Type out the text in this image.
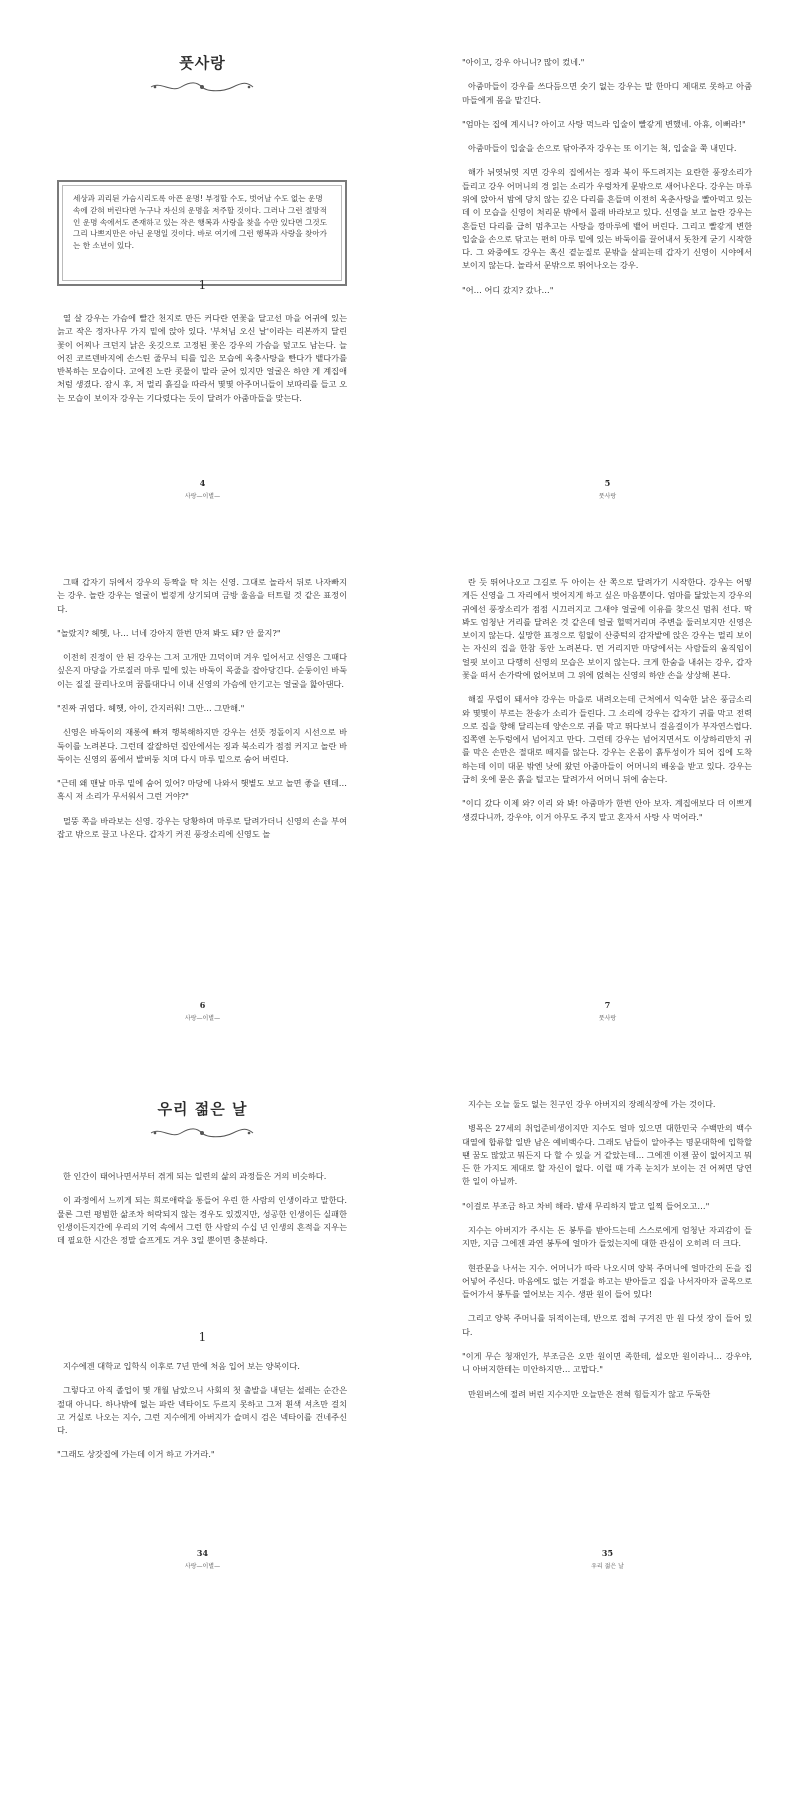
풋사랑
세상과 괴리된 가슴시리도록 아픈 운명! 부정할 수도, 벗어날 수도 없는 운명 속에 갇혀 버린다면 누구나 자신의 운명을 저주할 것이다. 그러나 그런 절망적인 운명 속에서도 존재하고 있는 작은 행복과 사랑을 찾을 수만 있다면 그것도 그리 나쁘지만은 아닌 운명일 것이다. 바로 여기에 그런 행복과 사랑을 찾아가는 한 소년이 있다.
1

열 살 강우는 가슴에 빨간 천지로 만든 커다란 연꽃을 달고선 마을 어귀에 있는 늙고 작은 정자나무 가지 밑에 앉아 있다. '부처님 오신 날'이라는 리본까지 달린 꽃이 어찌나 크던지 낡은 옷깃으로 고정된 꽃은 강우의 가슴을 덮고도 남는다. 늘어진 코르덴바지에 손스틴 줄무늬 티를 입은 모습에 옥충사탕을 빤다가 뱉다가를 반복하는 모습이다. 고에진 노란 콧물이 말라 굳어 있지만 얼굴은 하얀 게 계집애처럼 생겼다. 잠시 후, 저 멀리 흙길을 따라서 몇몇 아주머니들이 보따리를 들고 오는 모습이 보이자 강우는 기다렸다는 듯이 달려가 아줌마들을 맞는다.

4
사랑—이별—

"아이고, 강우 아니니? 많이 컸네."

아줌마들이 강우를 쓰다듬으면 숫기 없는 강우는 말 한마디 제대로 못하고 아줌마들에게 몸을 맡긴다.

"엄마는 집에 계시니? 아이고 사탕 먹느라 입술이 빨갛게 변했네. 아휴, 이뻐라!"

아줌마들이 입술을 손으로 닦아주자 강우는 또 이기는 척, 입술을 쭉 내민다.

해가 뉘엿뉘엿 지면 강우의 집에서는 징과 북이 뚜드려지는 요란한 풍장소리가 들리고 강우 어머니의 경 읽는 소리가 우렁차게 문밖으로 새어나온다. 강우는 마루 위에 앉아서 밤에 당치 않는 깊은 다리를 흔들며 이전히 옥춘사탕을 빨아먹고 있는데 이 모습을 신영이 처리문 밖에서 몰래 바라보고 있다. 신영을 보고 놀란 강우는 흔들던 다리를 급히 멈추고는 사탕을 깡마루에 뱉어 버린다. 그리고 빨갛게 변한 입술을 손으로 닦고는 편히 마루 밑에 있는 바둑이를 끌어내서 돗찬게 굳기 시작한다. 그 와중에도 강우는 혹신 곁눈질로 문밖을 살피는데 갑자기 신영이 시야에서 보이지 않는다. 놀라서 문밖으로 뛰어나오는 강우.

"어… 어디 갔지? 갔나…"

5
풋사랑

그때 갑자기 뒤에서 강우의 등짝을 탁 치는 신영. 그대로 놀라서 뒤로 나자빠지는 강우. 놀란 강우는 얼굴이 벌겋게 상기되며 금방 울음을 터트릴 것 같은 표정이다.

"놀랐지? 헤헷, 나… 너네 강아지 한번 만져 봐도 돼? 안 물지?"

이전히 진정이 안 된 강우는 그저 고개만 끄덕이며 겨우 일어서고 신영은 그때다 싶은지 마당을 가로질러 마루 밑에 있는 바둑이 목줄을 잡아당긴다. 순둥이인 바둑이는 질질 끌리나오며 꿈틀대다니 이내 신영의 가슴에 안기고는 얼굴을 핥아댄다.

"진짜 귀엽다. 헤헷, 아이, 간지러워! 그만… 그만해."

신영은 바둑이의 재롱에 빠져 행복해하지만 강우는 선뜻 정돌이지 시선으로 바둑이를 노려본다. 그런데 잘잘하던 집안에서는 징과 북소리가 점점 커지고 놀란 바둑이는 신영의 품에서 발버둥 치며 다시 마루 밑으로 숨어 버린다.

"근데 왜 맨날 마루 밑에 숨어 있어? 마당에 나와서 햇볕도 보고 놀면 좋을 텐데… 혹시 저 소리가 무서워서 그런 거야?"

멀뚱 쪽을 바라보는 신영. 강우는 당황하며 마루로 달려가더니 신영의 손을 부여잡고 밖으로 끌고 나온다. 갑자기 커진 풍장소리에 신영도 놀

6
사랑—이별—

란 듯 뛰어나오고 그길로 두 아이는 산 쪽으로 달려가기 시작한다. 강우는 어떻게든 신영을 그 자리에서 벗어지게 하고 싶은 마음뿐이다. 엄마를 닮았는지 강우의 귀에선 풍장소리가 점점 시끄러지고 그새야 얼굴에 이유를 찾으신 멈춰 선다. 딱 봐도 엄청난 거리를 달려온 것 같은데 얼굴 헐떡거리며 주변을 둘러보지만 신영은 보이지 않는다. 실망한 표정으로 힘없이 산중턱의 감자밭에 앉은 강우는 멀리 보이는 자신의 집을 한참 동안 노려본다. 먼 거리지만 마당에서는 사람들의 움직임이 얼핏 보이고 다행히 신영의 모습은 보이지 않는다. 크게 한숨을 내쉬는 강우, 갑자 꽃을 떠서 손가락에 얹어보며 그 위에 얹혀는 신영의 하얀 손을 상상해 본다.

해질 무렵이 돼서야 강우는 마을로 내려오는데 근처에서 익숙한 낡은 풍금소리와 몇몇이 부르는 찬송가 소리가 들린다. 그 소리에 강우는 갑자기 귀를 막고 전력으로 집을 향해 달리는데 양손으로 귀를 막고 뛰다보니 걸음걸이가 부자연스럽다. 집쪽엔 논두렁에서 넘어지고 만다. 그런데 강우는 넘어지면서도 이상하리만치 귀를 막은 손만은 절대로 떼지를 않는다. 강우는 온몸이 흙투성이가 되어 집에 도착하는데 이미 대문 밖엔 낫에 왔던 아줌마들이 어머니의 배웅을 받고 있다. 강우는 급히 옷에 묻은 흙을 털고는 달려가서 어머니 뒤에 숨는다.

"이디 갔다 이제 와? 이리 와 봐! 아줌마가 한번 안아 보자. 계집애보다 더 이쁘게 생겼다니까, 강우야, 이거 아무도 주지 말고 혼자서 사탕 사 먹어라."

7
풋사랑
우리 젊은 날

한 인간이 태어나면서부터 겪게 되는 일련의 삶의 과정들은 거의 비슷하다.

이 과정에서 느끼게 되는 희로애락을 통들어 우린 한 사람의 인생이라고 말한다. 물론 그런 평범한 삶조차 허락되지 않는 경우도 있겠지만, 성공한 인생이든 실패한 인생이든지간에 우리의 기억 속에서 그런 한 사람의 수십 년 인생의 흔적을 지우는 데 필요한 시간은 정말 슬프게도 겨우 3일 뿐이면 충분하다.

1

지수에겐 대학교 입학식 이후로 7년 만에 처음 입어 보는 양복이다.

그렇다고 아직 졸업이 몇 개월 남았으니 사회의 첫 출발을 내딛는 설레는 순간은 절대 아니다. 하나밖에 없는 파란 넥타이도 두르지 못하고 그저 흰색 셔츠만 걸치고 거실로 나오는 지수, 그런 지수에게 아버지가 슬며시 검은 넥타이를 건네주신다.

"그래도 상갓집에 가는데 이거 하고 가거라."

34
사랑—이별—

지수는 오늘 둘도 없는 친구인 강우 아버지의 장례식장에 가는 것이다.

병목은 27세의 취업준비생이지만 지수도 얼마 있으면 대한민국 수백만의 백수대열에 합류할 일반 남은 예비백수다. 그래도 남들이 알아주는 명문대학에 입학할 땐 꿈도 많았고 뭐든지 다 할 수 있을 거 같았는데… 그에겐 이젠 꿈이 없어지고 뭐든 한 가지도 제대로 할 자신이 없다. 이럴 때 가족 눈치가 보이는 건 어쩌면 당연한 일이 아닐까.

"이걸로 부조금 하고 차비 해라. 밤새 무리하지 말고 일찍 들어오고…"

지수는 아버지가 주시는 돈 봉투를 받아드는데 스스로에게 엄청난 자괴감이 들지만, 지금 그에겐 과연 봉투에 얼마가 들었는지에 대한 관심이 오히려 더 크다.

현관문을 나서는 지수. 어머니가 따라 나오시며 양복 주머니에 얼마간의 돈을 집어넣어 주신다. 마음에도 없는 거절을 하고는 받아들고 집을 나서자마자 골목으로 들어가서 봉투를 열어보는 지수. 생판 원이 들어 있다!

그리고 양복 주머니를 뒤적이는데, 반으로 접혀 구겨진 만 원 다섯 장이 들어 있다.

"이게 무슨 청재인가, 부조금은 오만 원이면 족한데, 설오만 원이라니… 강우야, 니 아버지한테는 미안하지만… 고맙다."

만원버스에 절려 버린 지수지만 오늘만은 전혀 힘들지가 않고 두둑한

35
우리 젊은 날
